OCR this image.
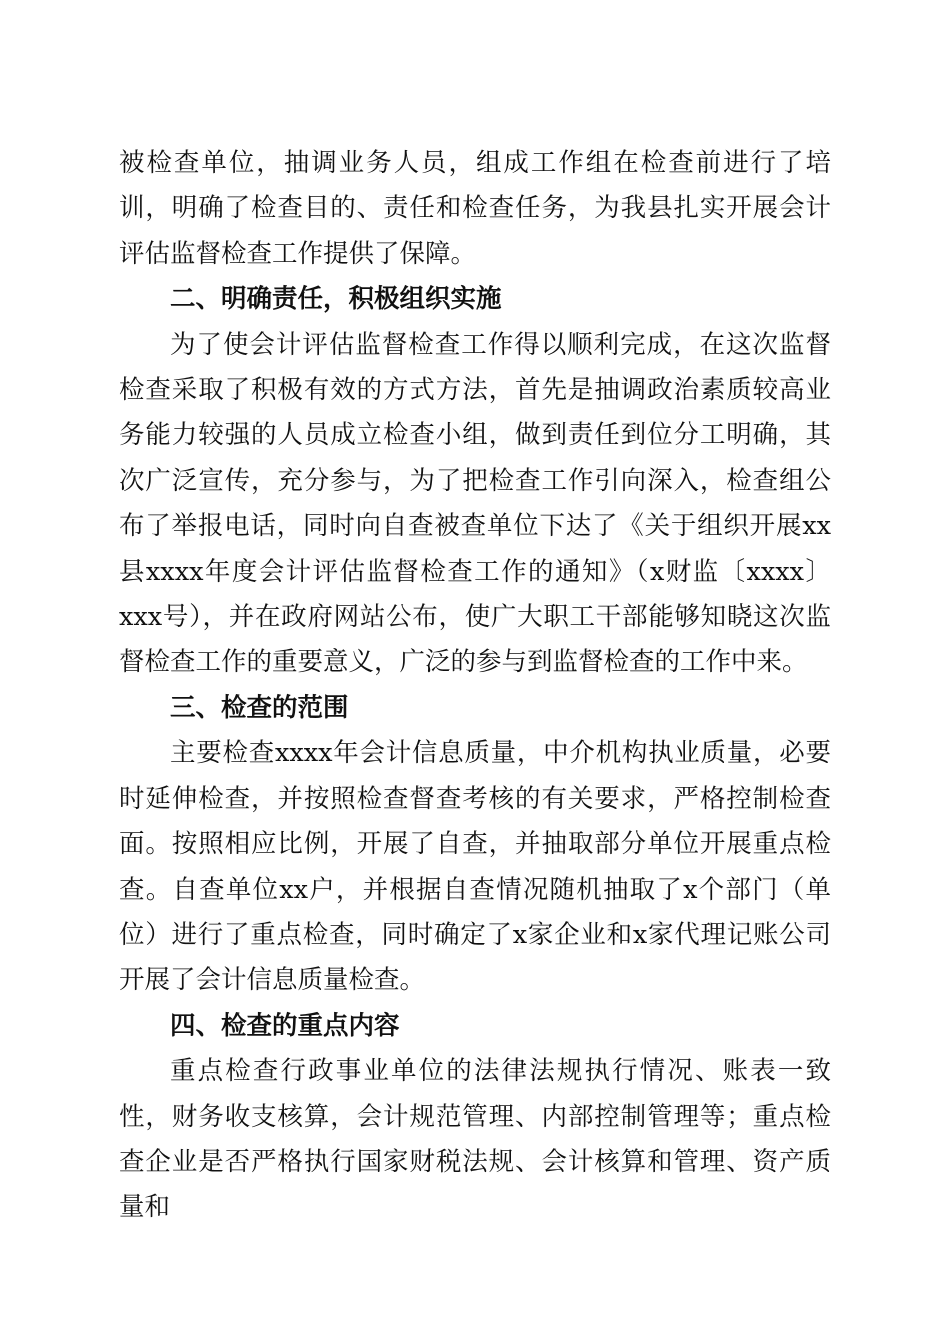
被检查单位，抽调业务人员，组成工作组在检查前进行了培训，明确了检查目的、责任和检查任务，为我县扎实开展会计评估监督检查工作提供了保障。

二、明确责任，积极组织实施

为了使会计评估监督检查工作得以顺利完成，在这次监督检查采取了积极有效的方式方法，首先是抽调政治素质较高业务能力较强的人员成立检查小组，做到责任到位分工明确，其次广泛宣传，充分参与，为了把检查工作引向深入，检查组公布了举报电话，同时向自查被查单位下达了《关于组织开展xx县xxxx年度会计评估监督检查工作的通知》（x财监〔xxxx〕xxx号），并在政府网站公布，使广大职工干部能够知晓这次监督检查工作的重要意义，广泛的参与到监督检查的工作中来。

三、检查的范围

主要检查xxxx年会计信息质量，中介机构执业质量，必要时延伸检查，并按照检查督查考核的有关要求，严格控制检查面。按照相应比例，开展了自查，并抽取部分单位开展重点检查。自查单位xx户，并根据自查情况随机抽取了x个部门（单位）进行了重点检查，同时确定了x家企业和x家代理记账公司开展了会计信息质量检查。

四、检查的重点内容

重点检查行政事业单位的法律法规执行情况、账表一致性，财务收支核算，会计规范管理、内部控制管理等；重点检查企业是否严格执行国家财税法规、会计核算和管理、资产质量和
